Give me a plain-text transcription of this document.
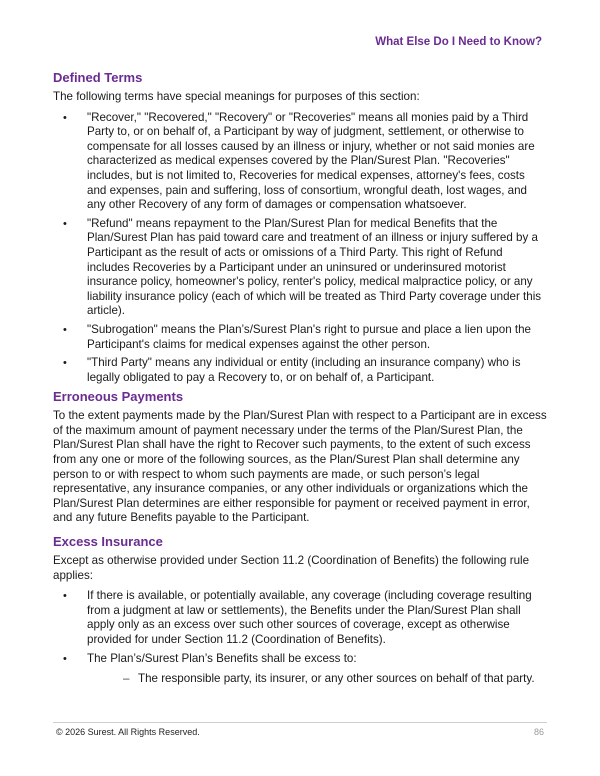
What Else Do I Need to Know?
Defined Terms

The following terms have special meanings for purposes of this section:

• "Recover," "Recovered," "Recovery" or "Recoveries" means all monies paid by a Third Party to, or on behalf of, a Participant by way of judgment, settlement, or otherwise to compensate for all losses caused by an illness or injury, whether or not said monies are characterized as medical expenses covered by the Plan/Surest Plan. "Recoveries" includes, but is not limited to, Recoveries for medical expenses, attorney's fees, costs and expenses, pain and suffering, loss of consortium, wrongful death, lost wages, and any other Recovery of any form of damages or compensation whatsoever.
• "Refund" means repayment to the Plan/Surest Plan for medical Benefits that the Plan/Surest Plan has paid toward care and treatment of an illness or injury suffered by a Participant as the result of acts or omissions of a Third Party. This right of Refund includes Recoveries by a Participant under an uninsured or underinsured motorist insurance policy, homeowner's policy, renter's policy, medical malpractice policy, or any liability insurance policy (each of which will be treated as Third Party coverage under this article).
• "Subrogation" means the Plan’s/Surest Plan's right to pursue and place a lien upon the Participant's claims for medical expenses against the other person.
• "Third Party" means any individual or entity (including an insurance company) who is legally obligated to pay a Recovery to, or on behalf of, a Participant.
Erroneous Payments

To the extent payments made by the Plan/Surest Plan with respect to a Participant are in excess of the maximum amount of payment necessary under the terms of the Plan/Surest Plan, the Plan/Surest Plan shall have the right to Recover such payments, to the extent of such excess from any one or more of the following sources, as the Plan/Surest Plan shall determine any person to or with respect to whom such payments are made, or such person’s legal representative, any insurance companies, or any other individuals or organizations which the Plan/Surest Plan determines are either responsible for payment or received payment in error, and any future Benefits payable to the Participant.

Excess Insurance

Except as otherwise provided under Section 11.2 (Coordination of Benefits) the following rule applies:

• If there is available, or potentially available, any coverage (including coverage resulting from a judgment at law or settlements), the Benefits under the Plan/Surest Plan shall apply only as an excess over such other sources of coverage, except as otherwise provided for under Section 11.2 (Coordination of Benefits).
• The Plan’s/Surest Plan’s Benefits shall be excess to:
– The responsible party, its insurer, or any other sources on behalf of that party.
© 2026 Surest. All Rights Reserved.	86
